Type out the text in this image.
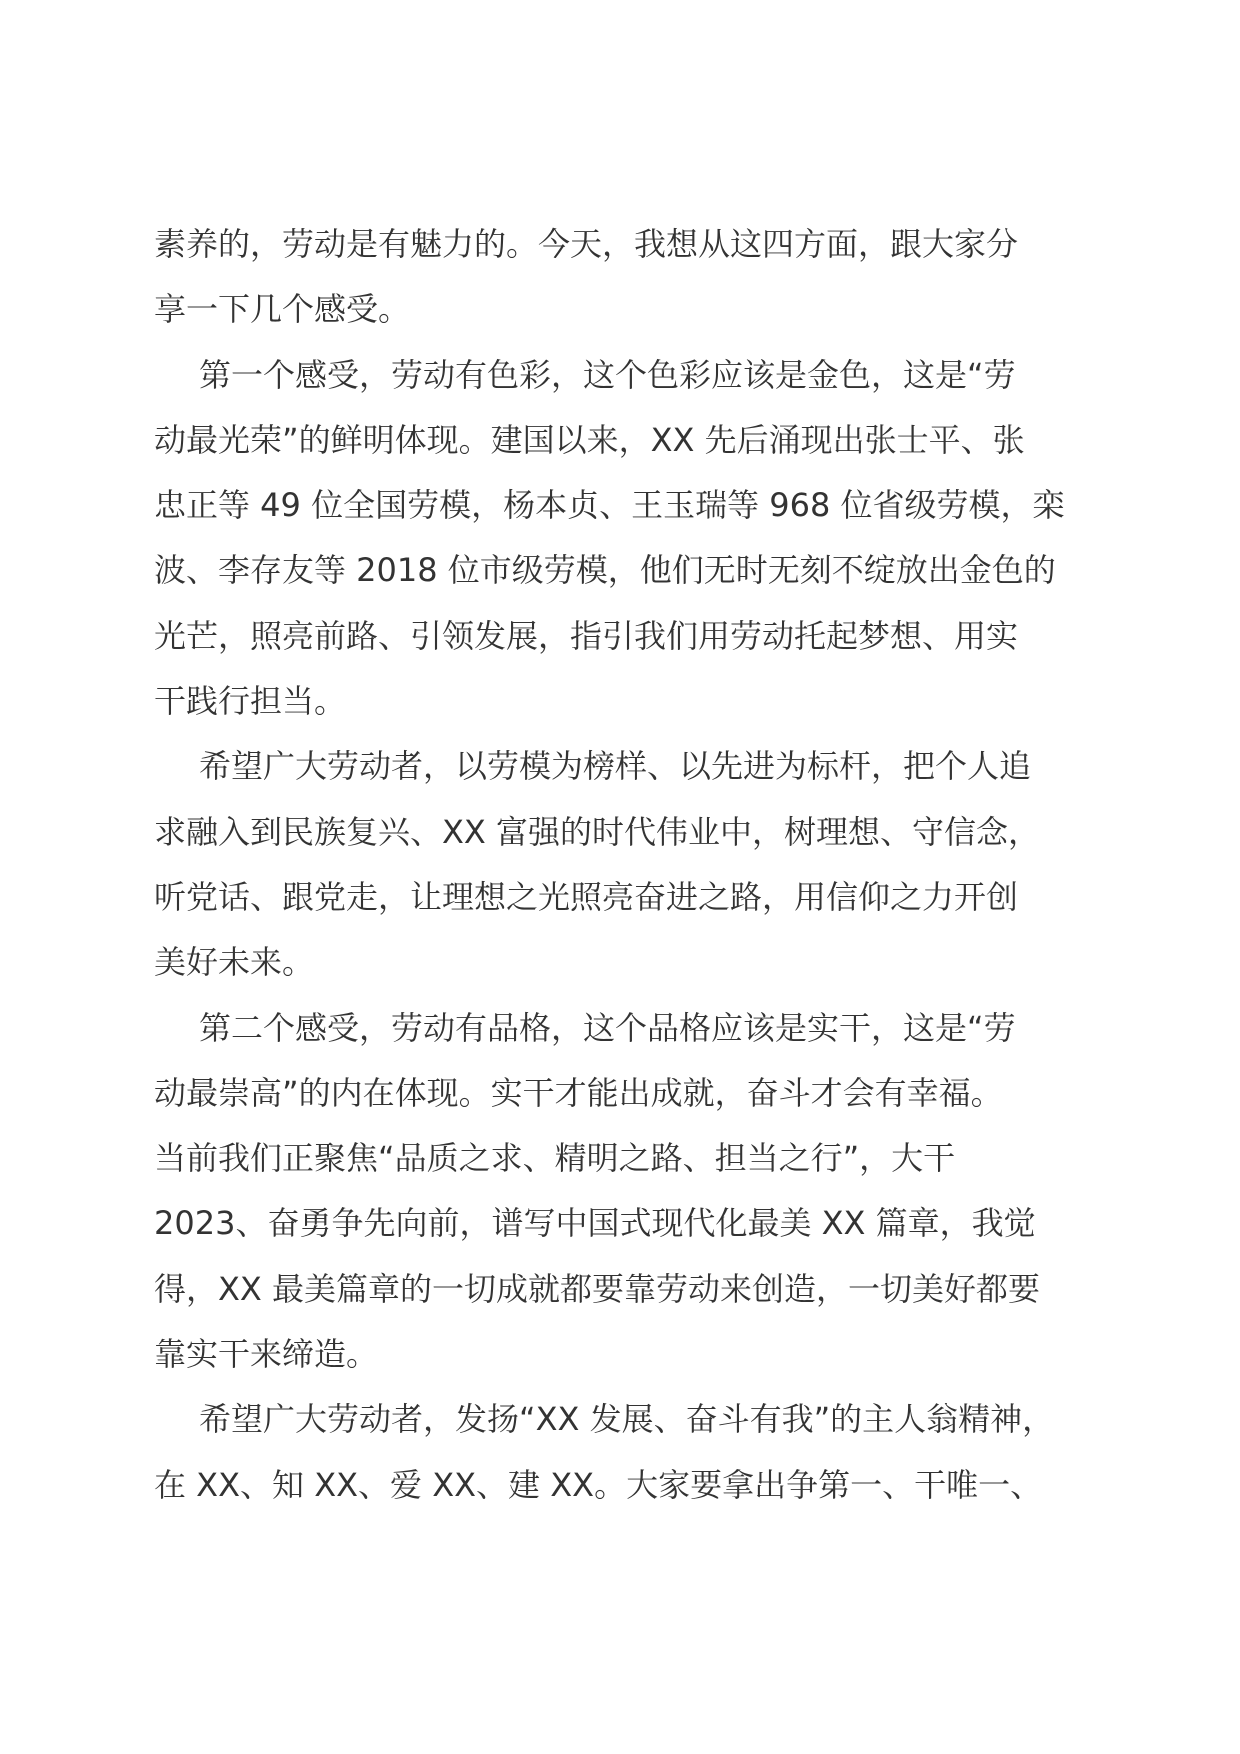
素养的，劳动是有魅力的。今天，我想从这四方面，跟大家分

享一下几个感受。

第一个感受，劳动有色彩，这个色彩应该是金色，这是“劳

动最光荣”的鲜明体现。建国以来，XX 先后涌现出张士平、张

忠正等 49 位全国劳模，杨本贞、王玉瑞等 968 位省级劳模，栾

波、李存友等 2018 位市级劳模，他们无时无刻不绽放出金色的

光芒，照亮前路、引领发展，指引我们用劳动托起梦想、用实

干践行担当。

希望广大劳动者，以劳模为榜样、以先进为标杆，把个人追

求融入到民族复兴、XX 富强的时代伟业中，树理想、守信念，

听党话、跟党走，让理想之光照亮奋进之路，用信仰之力开创

美好未来。

第二个感受，劳动有品格，这个品格应该是实干，这是“劳

动最崇高”的内在体现。实干才能出成就，奋斗才会有幸福。

当前我们正聚焦“品质之求、精明之路、担当之行”，大干

2023、奋勇争先向前，谱写中国式现代化最美 XX 篇章，我觉

得，XX 最美篇章的一切成就都要靠劳动来创造，一切美好都要

靠实干来缔造。

希望广大劳动者，发扬“XX 发展、奋斗有我”的主人翁精神，

在 XX、知 XX、爱 XX、建 XX。大家要拿出争第一、干唯一、
